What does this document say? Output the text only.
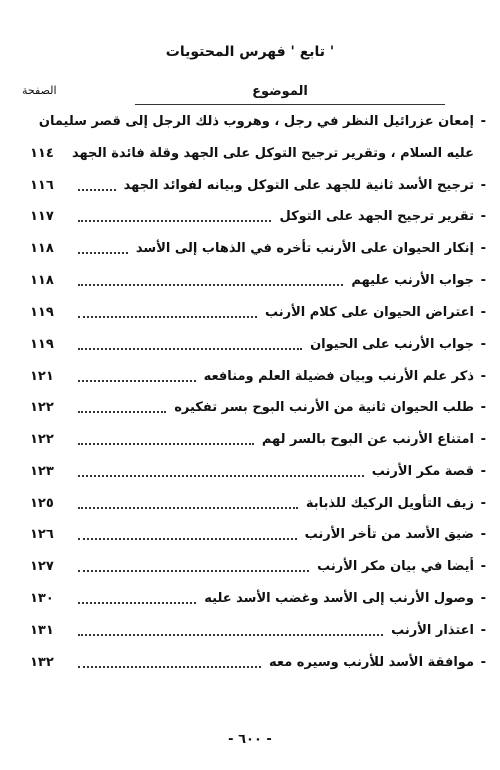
' تابع ' فهرس المحتويات
الموضوع
الصفحة
-
إمعان عزرائيل النظر في رجل ، وهروب ذلك الرجل إلى قصر سليمان
عليه السلام ، وتقرير ترجيح التوكل على الجهد وقلة فائدة الجهد
١١٤
-
ترجيح الأسد ثانية للجهد على التوكل وبيانه لفوائد الجهد
١١٦
-
تقرير ترجيح الجهد على التوكل
١١٧
-
إنكار الحيوان على الأرنب تأخره في الذهاب إلى الأسد
١١٨
-
جواب الأرنب عليهم
١١٨
-
اعتراض الحيوان على كلام الأرنب
١١٩
-
جواب الأرنب على الحيوان
١١٩
-
ذكر علم الأرنب وبيان فضيلة العلم ومنافعه
١٢١
-
طلب الحيوان ثانية من الأرنب البوح بسر تفكيره
١٢٢
-
امتناع الأرنب عن البوح بالسر لهم
١٢٢
-
قصة مكر الأرنب
١٢٣
-
زيف التأويل الركيك للذبابة
١٢٥
-
ضيق الأسد من تأخر الأرنب
١٢٦
-
أيضا في بيان مكر الأرنب
١٢٧
-
وصول الأرنب إلى الأسد وغضب الأسد عليه
١٣٠
-
اعتذار الأرنب
١٣١
-
موافقة الأسد للأرنب وسيره معه
١٣٢
- ٦٠٠ -
